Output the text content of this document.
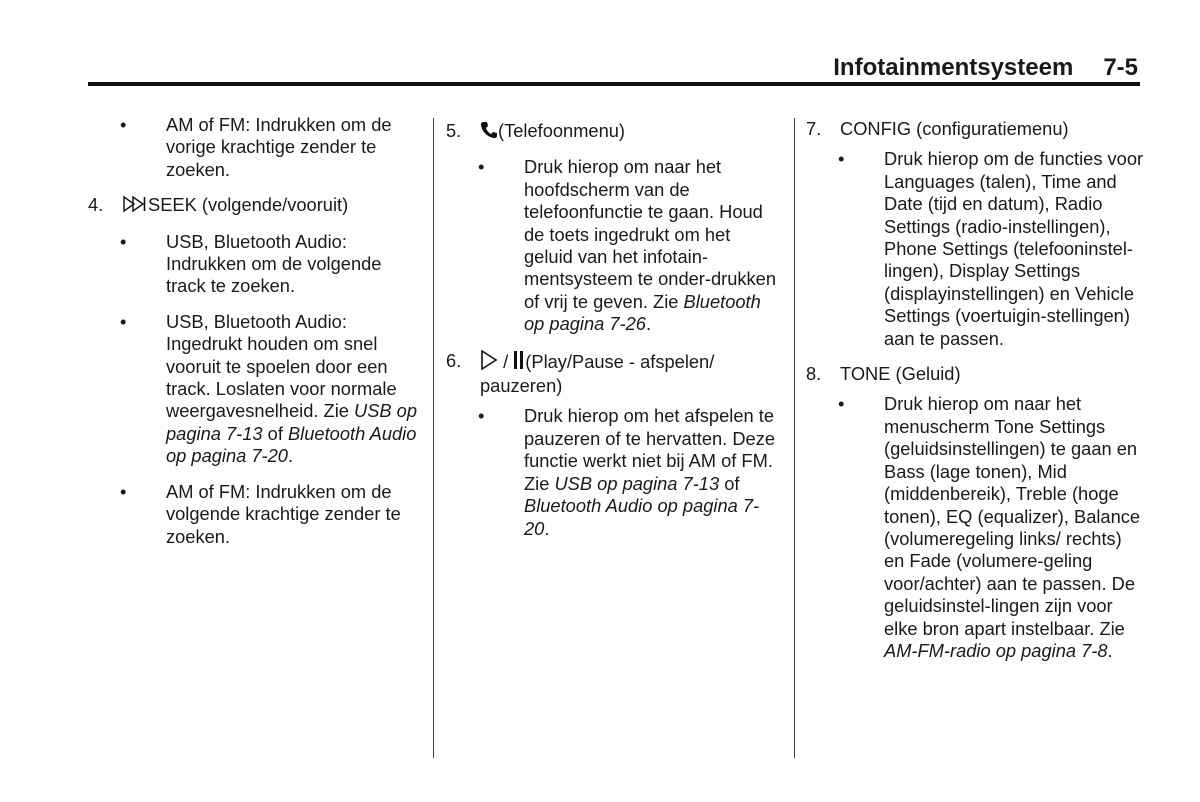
Infotainmentsysteem 7-5
• AM of FM: Indrukken om de vorige krachtige zender te zoeken.

4. SEEK (volgende/vooruit)
• USB, Bluetooth Audio: Indrukken om de volgende track te zoeken.

• USB, Bluetooth Audio: Ingedrukt houden om snel vooruit te spoelen door een track. Loslaten voor normale weergavesnelheid. Zie USB op pagina 7-13 of Bluetooth Audio op pagina 7-20.

• AM of FM: Indrukken om de volgende krachtige zender te zoeken.

5. (Telefoonmenu)
• Druk hierop om naar het hoofdscherm van de telefoonfunctie te gaan. Houd de toets ingedrukt om het geluid van het infotain-mentsysteem te onder-drukken of vrij te geven. Zie Bluetooth op pagina 7-26.

6. / (Play/Pause - afspelen/ pauzeren)
• Druk hierop om het afspelen te pauzeren of te hervatten. Deze functie werkt niet bij AM of FM. Zie USB op pagina 7-13 of Bluetooth Audio op pagina 7-20.

7. CONFIG (configuratiemenu)
• Druk hierop om de functies voor Languages (talen), Time and Date (tijd en datum), Radio Settings (radio-instellingen), Phone Settings (telefooninstel-lingen), Display Settings (displayinstellingen) en Vehicle Settings (voertuigin-stellingen) aan te passen.

8. TONE (Geluid)
• Druk hierop om naar het menuscherm Tone Settings (geluidsinstellingen) te gaan en Bass (lage tonen), Mid (middenbereik), Treble (hoge tonen), EQ (equalizer), Balance (volumeregeling links/ rechts) en Fade (volumere-geling voor/achter) aan te passen. De geluidsinstel-lingen zijn voor elke bron apart instelbaar. Zie AM-FM-radio op pagina 7-8.
